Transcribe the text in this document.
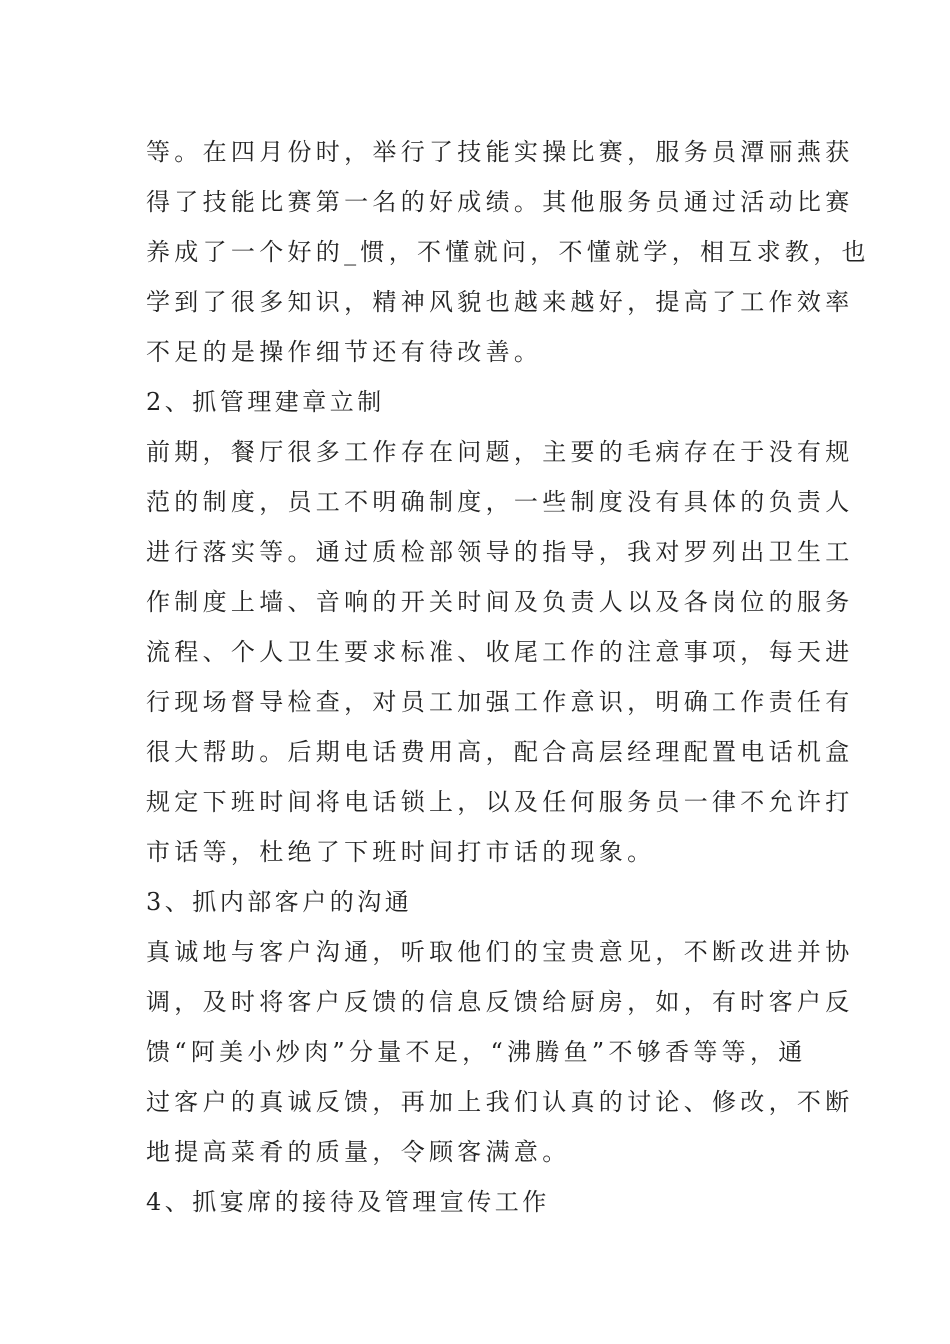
等。在四月份时，举行了技能实操比赛，服务员潭丽燕获
得了技能比赛第一名的好成绩。其他服务员通过活动比赛
养成了一个好的_惯，不懂就问，不懂就学，相互求教，也
学到了很多知识，精神风貌也越来越好，提高了工作效率
不足的是操作细节还有待改善。
2、抓管理建章立制
前期，餐厅很多工作存在问题，主要的毛病存在于没有规
范的制度，员工不明确制度，一些制度没有具体的负责人
进行落实等。通过质检部领导的指导，我对罗列出卫生工
作制度上墙、音响的开关时间及负责人以及各岗位的服务
流程、个人卫生要求标准、收尾工作的注意事项，每天进
行现场督导检查，对员工加强工作意识，明确工作责任有
很大帮助。后期电话费用高，配合高层经理配置电话机盒
规定下班时间将电话锁上，以及任何服务员一律不允许打
市话等，杜绝了下班时间打市话的现象。
3、抓内部客户的沟通
真诚地与客户沟通，听取他们的宝贵意见，不断改进并协
调，及时将客户反馈的信息反馈给厨房，如，有时客户反
馈“阿美小炒肉”分量不足，“沸腾鱼”不够香等等，通
过客户的真诚反馈，再加上我们认真的讨论、修改，不断
地提高菜肴的质量，令顾客满意。
4、抓宴席的接待及管理宣传工作
